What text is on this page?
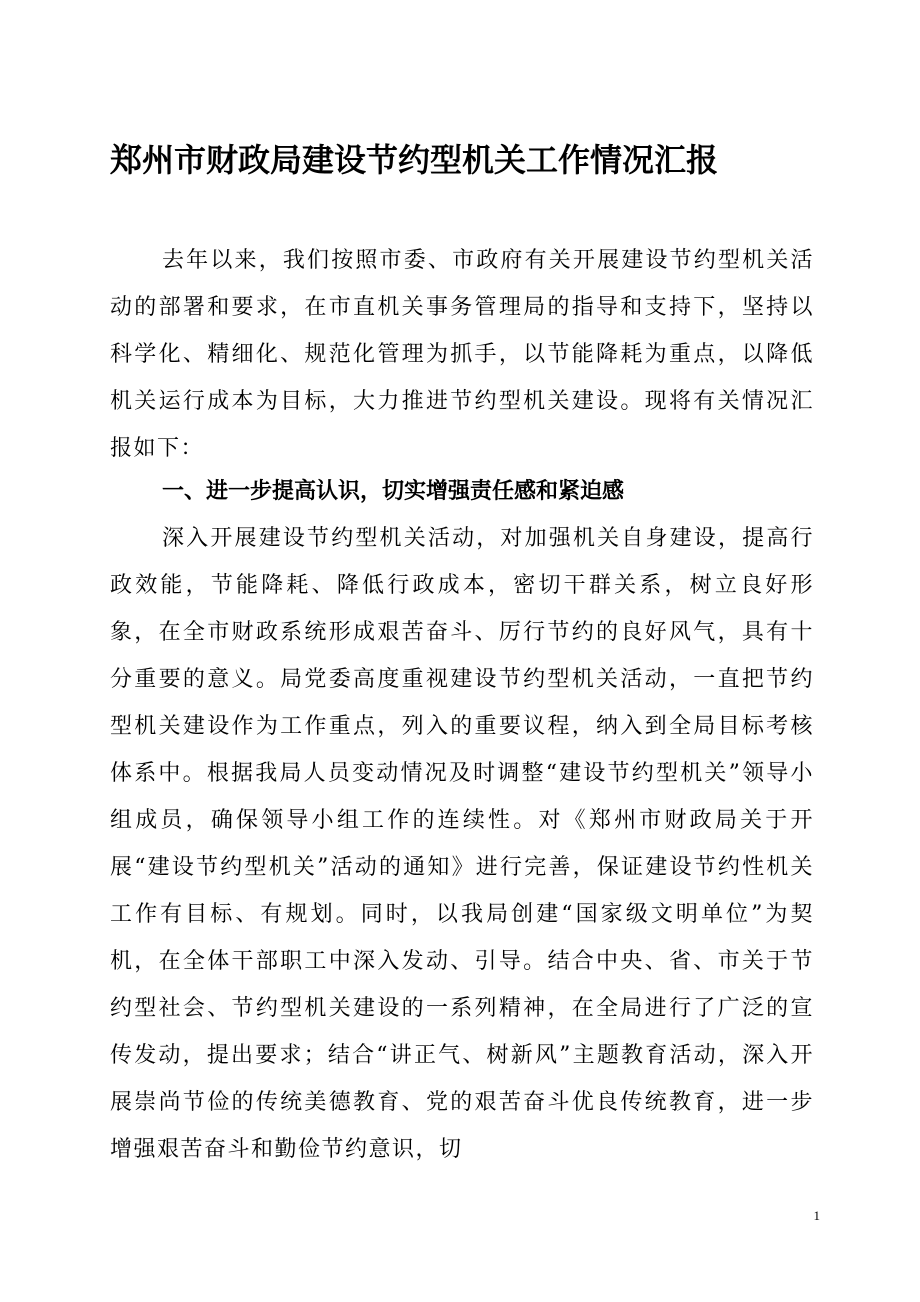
郑州市财政局建设节约型机关工作情况汇报

去年以来，我们按照市委、市政府有关开展建设节约型机关活动的部署和要求，在市直机关事务管理局的指导和支持下，坚持以科学化、精细化、规范化管理为抓手，以节能降耗为重点，以降低机关运行成本为目标，大力推进节约型机关建设。现将有关情况汇报如下：

一、进一步提高认识，切实增强责任感和紧迫感

深入开展建设节约型机关活动，对加强机关自身建设，提高行政效能，节能降耗、降低行政成本，密切干群关系，树立良好形象，在全市财政系统形成艰苦奋斗、厉行节约的良好风气，具有十分重要的意义。局党委高度重视建设节约型机关活动，一直把节约型机关建设作为工作重点，列入的重要议程，纳入到全局目标考核体系中。根据我局人员变动情况及时调整“建设节约型机关”领导小组成员，确保领导小组工作的连续性。对《郑州市财政局关于开展“建设节约型机关”活动的通知》进行完善，保证建设节约性机关工作有目标、有规划。同时，以我局创建“国家级文明单位”为契机，在全体干部职工中深入发动、引导。结合中央、省、市关于节约型社会、节约型机关建设的一系列精神，在全局进行了广泛的宣传发动，提出要求；结合“讲正气、树新风”主题教育活动，深入开展崇尚节俭的传统美德教育、党的艰苦奋斗优良传统教育，进一步增强艰苦奋斗和勤俭节约意识，切

1
